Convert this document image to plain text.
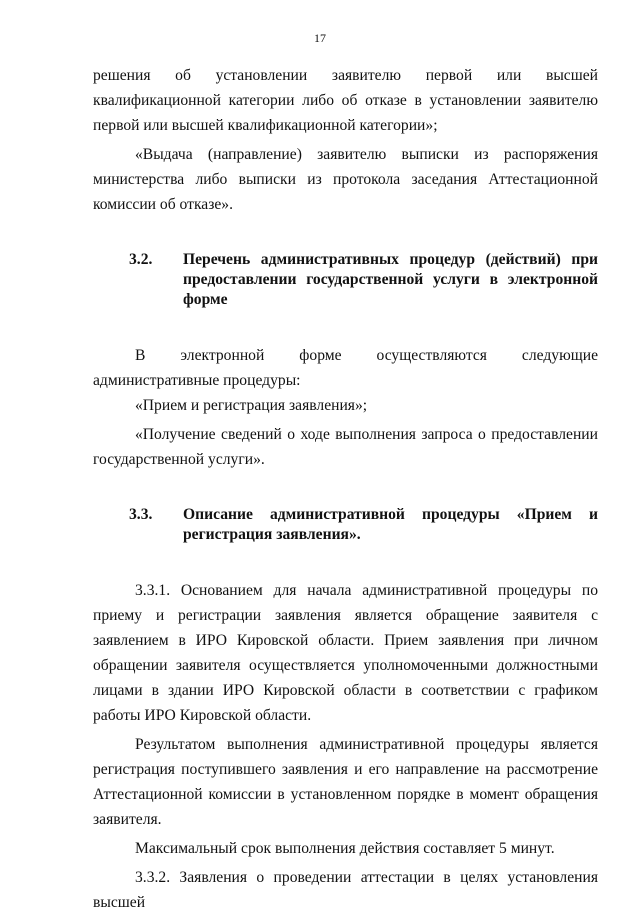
17

решения об установлении заявителю первой или высшей квалификационной категории либо об отказе в установлении заявителю первой или высшей квалификационной категории»;

«Выдача (направление) заявителю выписки из распоряжения министерства либо выписки из протокола заседания Аттестационной комиссии об отказе».

3.2.	Перечень административных процедур (действий) при предоставлении государственной услуги в электронной форме

В электронной форме осуществляются следующие административные процедуры:

«Прием и регистрация заявления»;

«Получение сведений о ходе выполнения запроса о предоставлении государственной услуги».

3.3.	Описание административной процедуры «Прием и регистрация заявления».

3.3.1. Основанием для начала административной процедуры по приему и регистрации заявления является обращение заявителя с заявлением в ИРО Кировской области. Прием заявления при личном обращении заявителя осуществляется уполномоченными должностными лицами в здании ИРО Кировской области в соответствии с графиком работы ИРО Кировской области.

Результатом выполнения административной процедуры является регистрация поступившего заявления и его направление на рассмотрение Аттестационной комиссии в установленном порядке в момент обращения заявителя.

Максимальный срок выполнения действия составляет 5 минут.

3.3.2. Заявления о проведении аттестации в целях установления высшей
